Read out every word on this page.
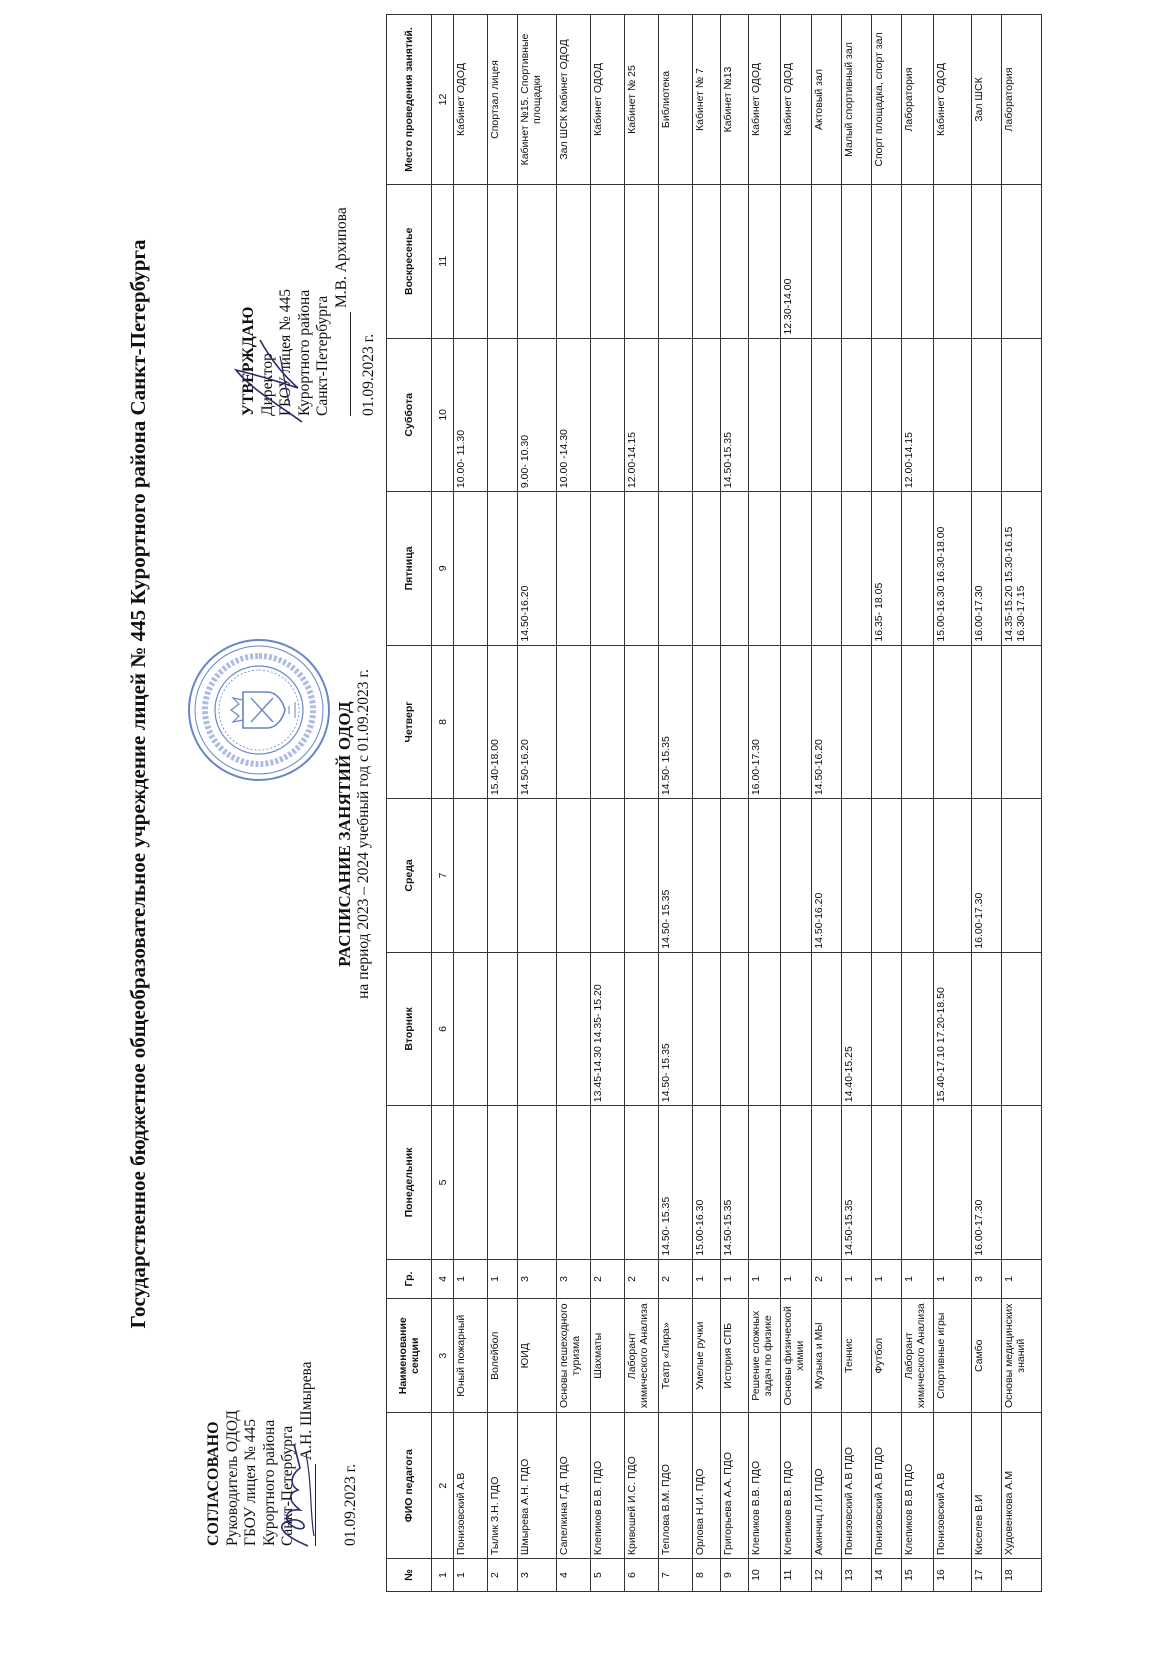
Государственное бюджетное общеобразовательное учреждение лицей № 445 Курортного района Санкт-Петербурга
СОГЛАСОВАНО Руководитель ОДОД ГБОУ лицея № 445 Курортного района Санкт-Петербурга
А.Н. Шмырева
01.09.2023 г.
УТВЕРЖДАЮ Директор ГБОУ лицея № 445 Курортного района Санкт-Петербурга
М.В. Архипова
01.09.2023 г.
РАСПИСАНИЕ ЗАНЯТИЙ ОДОД на период 2023 – 2024 учебный год с 01.09.2023 г.
№	ФИО педагога	Наименование секции	Гр.	Понедельник	Вторник	Среда	Четверг	Пятница	Суббота	Воскресенье	Место проведения занятий.
1	2	3	4	5	6	7	8	9	10	11	12
1	Понизовский А.В	Юный пожарный	1						10.00- 11.30		Кабинет ОДОД
2	Тылик З.Н. ПДО	Волейбол	1				15.40-18.00				Спортзал лицея
3	Шмырева А.Н. ПДО	ЮИД	3				14.50-16.20	14.50-16.20	9.00- 10.30		Кабинет №15. Спортивные площадки
4	Сапелкина Г.Д. ПДО	Основы пешеходного туризма	3						10.00 -14.30		Зал ШСК Кабинет ОДОД
5	Клепиков В.В. ПДО	Шахматы	2		13.45-14.30 14.35- 15.20						Кабинет ОДОД
6	Кривошей И.С. ПДО	Лаборант химического Анализа	2						12.00-14.15		Кабинет № 25
7	Теплова В.М. ПДО	Театр «Лира»	2	14.50- 15.35	14.50- 15.35	14.50- 15.35	14.50- 15.35				Библиотека
8	Орлова Н.И. ПДО	Умелые ручки	1	15.00-16.30							Кабинет № 7
9	Григорьева А.А. ПДО	История СПБ	1	14.50-15.35					14.50-15.35		Кабинет №13
10	Клепиков В.В. ПДО	Решение сложных задач по физике	1				16.00-17.30				Кабинет ОДОД
11	Клепиков В.В. ПДО	Основы физической химии	1							12.30-14.00	Кабинет ОДОД
12	Акинчиц Л.И ПДО	Музыка и МЫ	2			14.50-16.20	14.50-16.20				Актовый зал
13	Понизовский А.В ПДО	Теннис	1	14.50-15.35	14.40-15.25						Малый спортивный зал
14	Понизовский А.В ПДО	Футбол	1					16.35- 18.05			Спорт площадка, спорт зал
15	Клепиков В.В ПДО	Лаборант химического Анализа	1						12.00-14.15		Лаборатория
16	Понизовский А.В	Спортивные игры	1		15.40-17.10 17.20-18.50			15.00-16.30 16.30-18.00			Кабинет ОДОД
17	Киселев В.И	Самбо	3	16.00-17.30		16.00-17.30		16.00-17.30			Зал ШСК
18	Худовенкова А.М	Основы медицинских знаний	1					14.35-15.20 15.30-16.15 16.30-17.15			Лаборатория
